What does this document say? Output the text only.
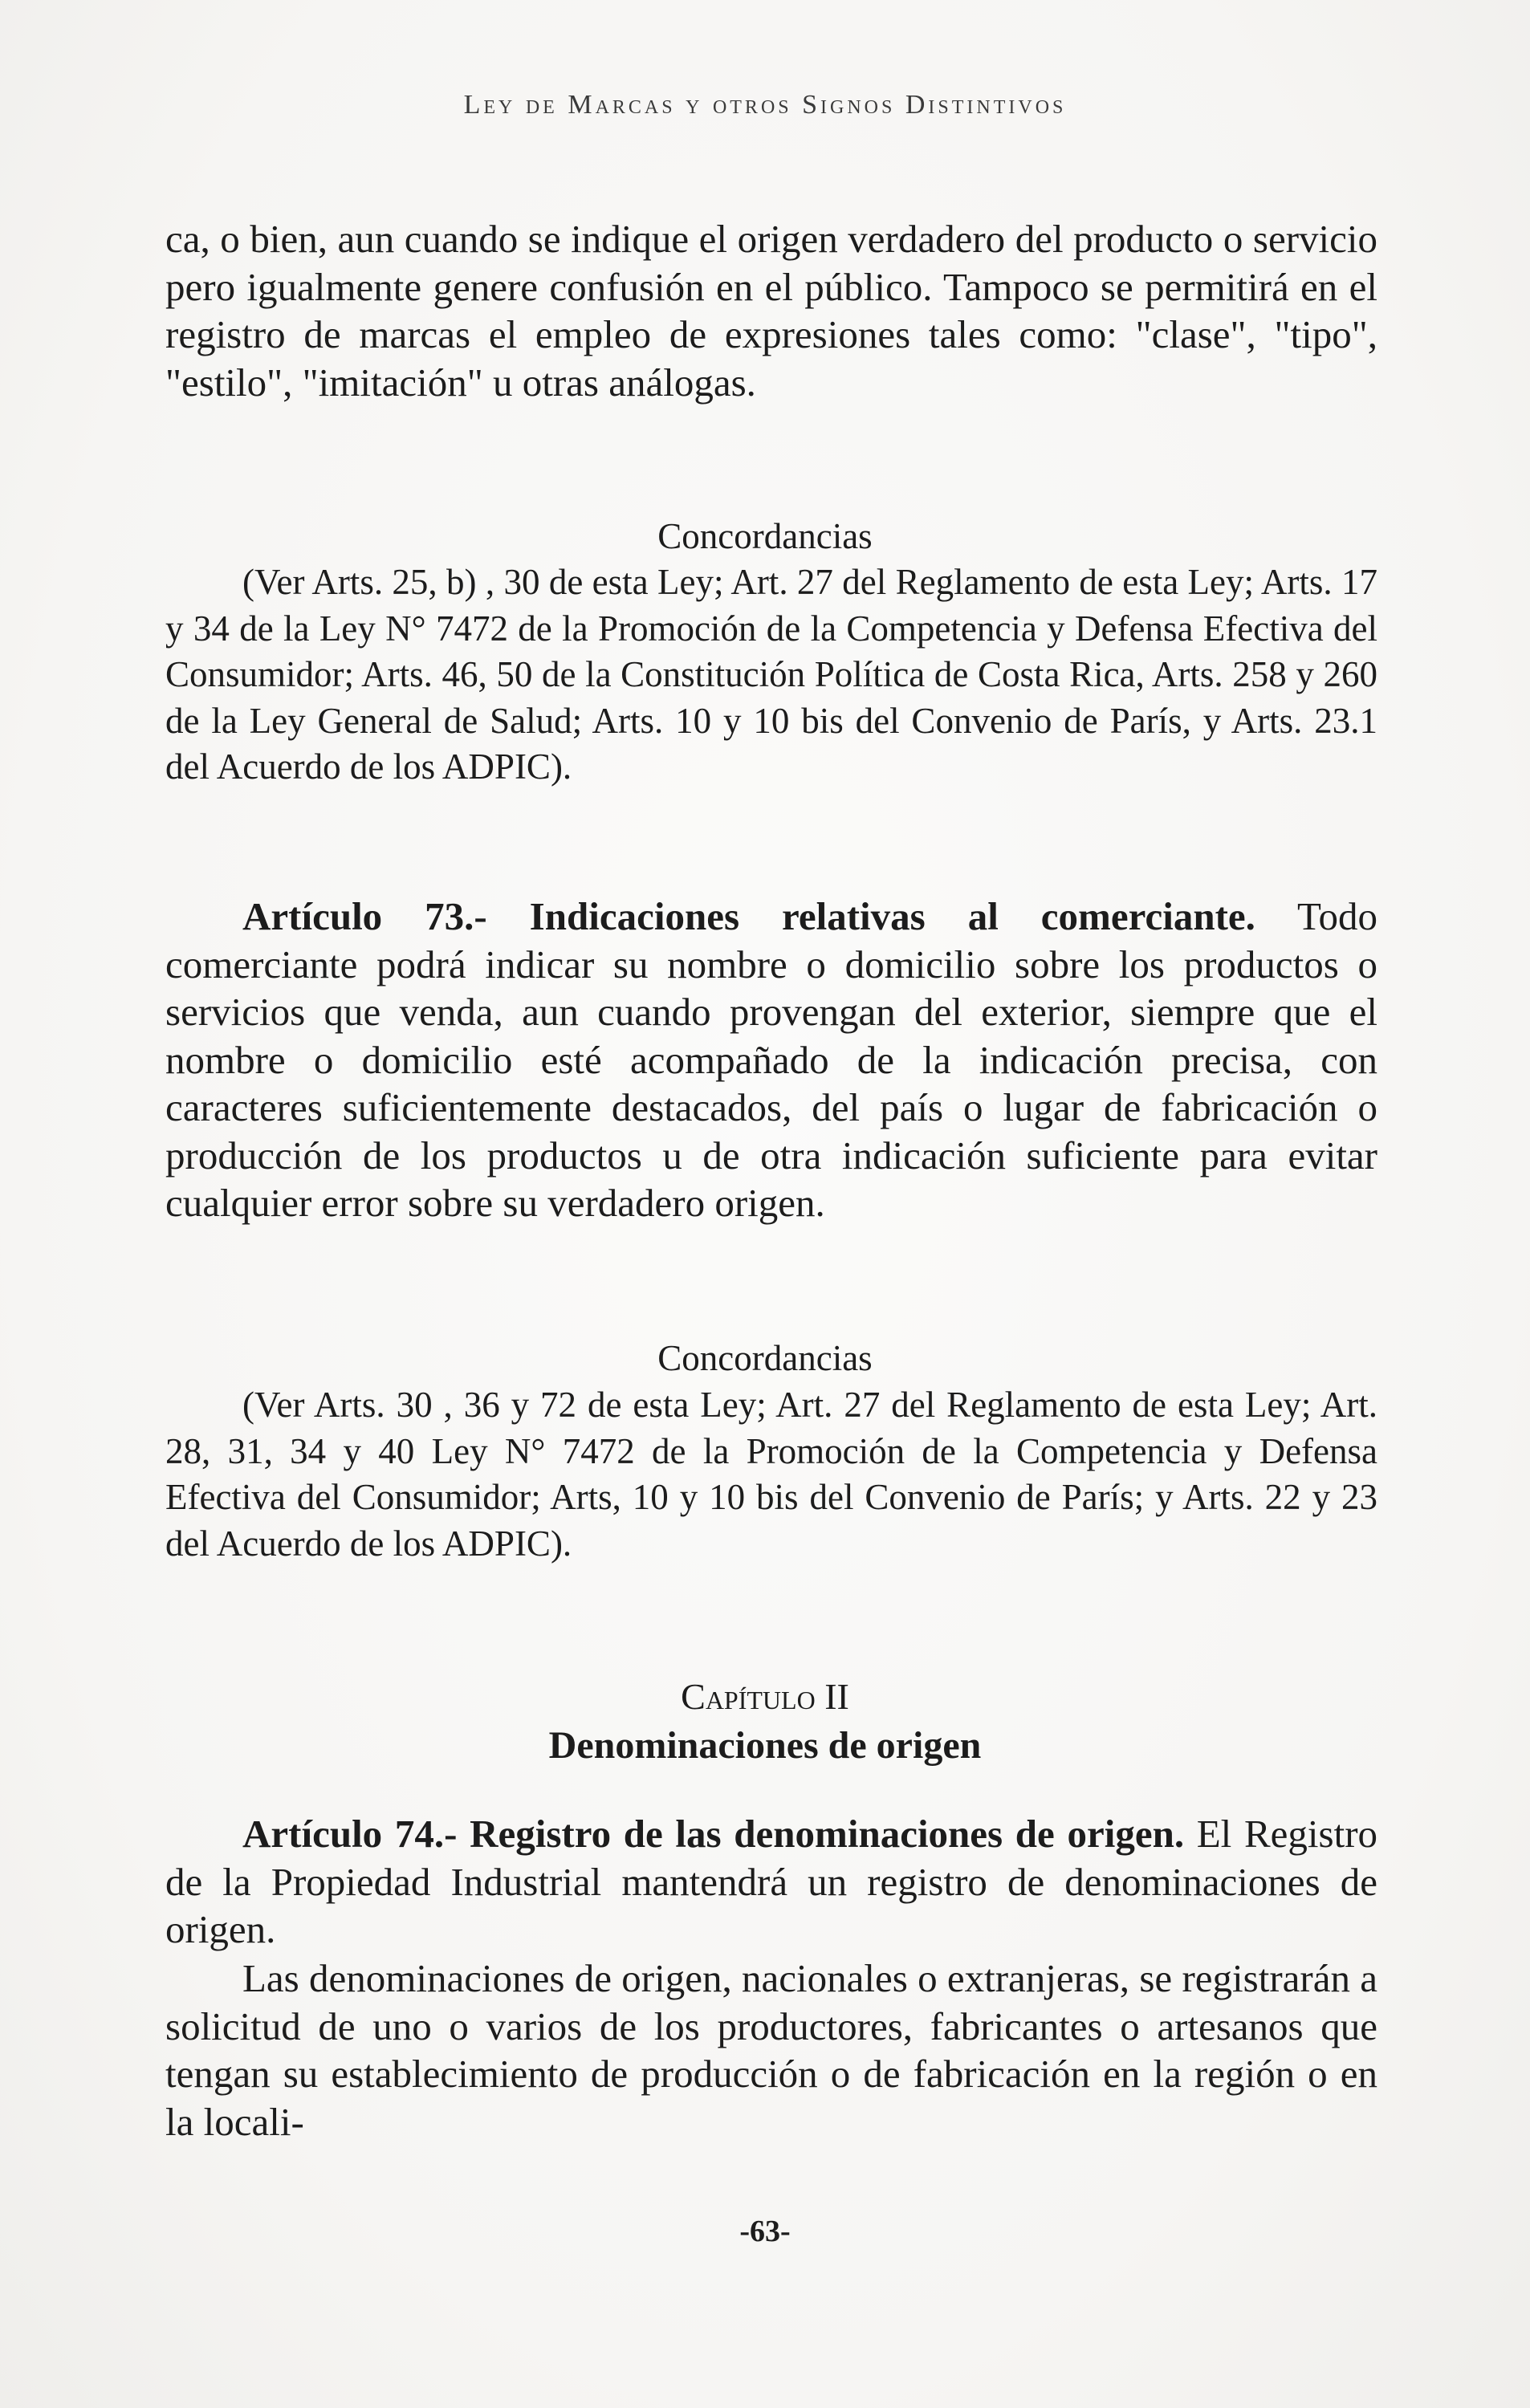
Ley de Marcas y otros Signos Distintivos

ca, o bien, aun cuando se indique el origen verdadero del producto o servicio pero igualmente genere confusión en el público. Tampoco se permitirá en el registro de marcas el empleo de expresiones tales como: "clase", "tipo", "estilo", "imitación" u otras análogas.

Concordancias

(Ver Arts. 25, b) , 30 de esta Ley; Art. 27 del Reglamento de esta Ley; Arts. 17 y 34 de la Ley N° 7472 de la Promoción de la Competencia y Defensa Efectiva del Consumidor; Arts. 46, 50 de la Constitución Política de Costa Rica, Arts. 258 y 260 de la Ley General de Salud; Arts. 10 y 10 bis del Convenio de París, y Arts. 23.1 del Acuerdo de los ADPIC).

Artículo 73.- Indicaciones relativas al comerciante. Todo comerciante podrá indicar su nombre o domicilio sobre los productos o servicios que venda, aun cuando provengan del exterior, siempre que el nombre o domicilio esté acompañado de la indicación precisa, con caracteres suficientemente destacados, del país o lugar de fabricación o producción de los productos u de otra indicación suficiente para evitar cualquier error sobre su verdadero origen.

Concordancias

(Ver Arts. 30 , 36 y 72 de esta Ley; Art. 27 del Reglamento de esta Ley; Art. 28, 31, 34 y 40 Ley N° 7472 de la Promoción de la Competencia y Defensa Efectiva del Consumidor; Arts, 10 y 10 bis del Convenio de París; y Arts. 22 y 23 del Acuerdo de los ADPIC).

Capítulo II

Denominaciones de origen

Artículo 74.- Registro de las denominaciones de origen. El Registro de la Propiedad Industrial mantendrá un registro de denominaciones de origen.

Las denominaciones de origen, nacionales o extranjeras, se registrarán a solicitud de uno o varios de los productores, fabricantes o artesanos que tengan su establecimiento de producción o de fabricación en la región o en la locali-

-63-
